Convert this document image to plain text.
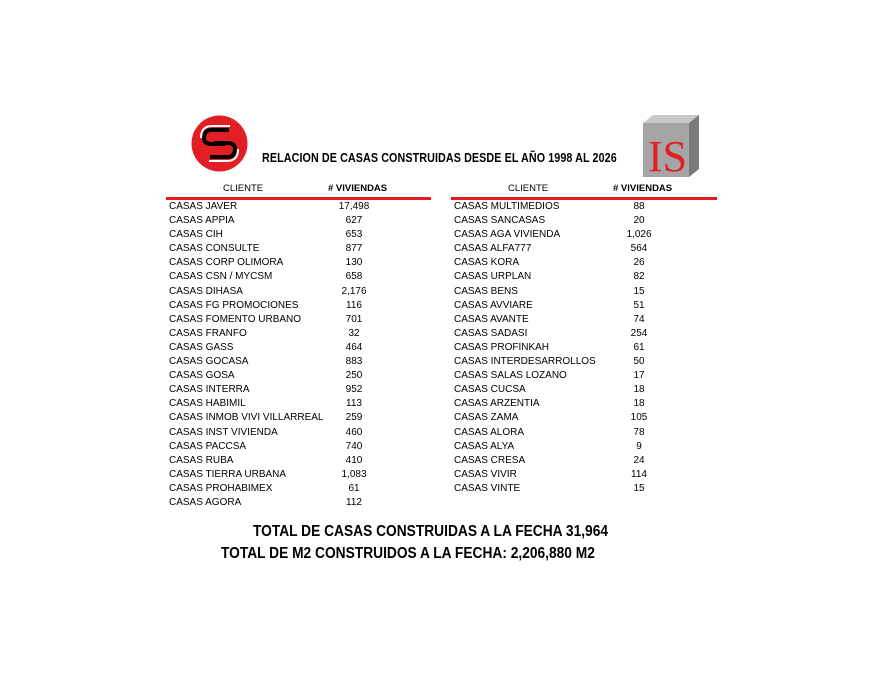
IS
RELACION DE CASAS CONSTRUIDAS DESDE EL AÑO 1998 AL 2026
CLIENTE	# VIVIENDAS
CASAS JAVER	17,498
CASAS APPIA	627
CASAS CIH	653
CASAS CONSULTE	877
CASAS CORP OLIMORA	130
CASAS CSN / MYCSM	658
CASAS DIHASA	2,176
CASAS FG PROMOCIONES	116
CASAS FOMENTO URBANO	701
CASAS FRANFO	32
CASAS GASS	464
CASAS GOCASA	883
CASAS GOSA	250
CASAS INTERRA	952
CASAS HABIMIL	113
CASAS INMOB VIVI VILLARREAL	259
CASAS INST VIVIENDA	460
CASAS PACCSA	740
CASAS RUBA	410
CASAS TIERRA URBANA	1,083
CASAS PROHABIMEX	61
CASAS AGORA	112
CLIENTE	# VIVIENDAS
CASAS MULTIMEDIOS	88
CASAS SANCASAS	20
CASAS AGA VIVIENDA	1,026
CASAS ALFA777	564
CASAS KORA	26
CASAS URPLAN	82
CASAS BENS	15
CASAS AVVIARE	51
CASAS AVANTE	74
CASAS SADASI	254
CASAS PROFINKAH	61
CASAS INTERDESARROLLOS	50
CASAS SALAS LOZANO	17
CASAS CUCSA	18
CASAS ARZENTIA	18
CASAS ZAMA	105
CASAS ALORA	78
CASAS ALYA	9
CASAS CRESA	24
CASAS VIVIR	114
CASAS VINTE	15
TOTAL DE CASAS CONSTRUIDAS A LA FECHA 31,964
TOTAL DE M2 CONSTRUIDOS A LA FECHA: 2,206,880 M2
